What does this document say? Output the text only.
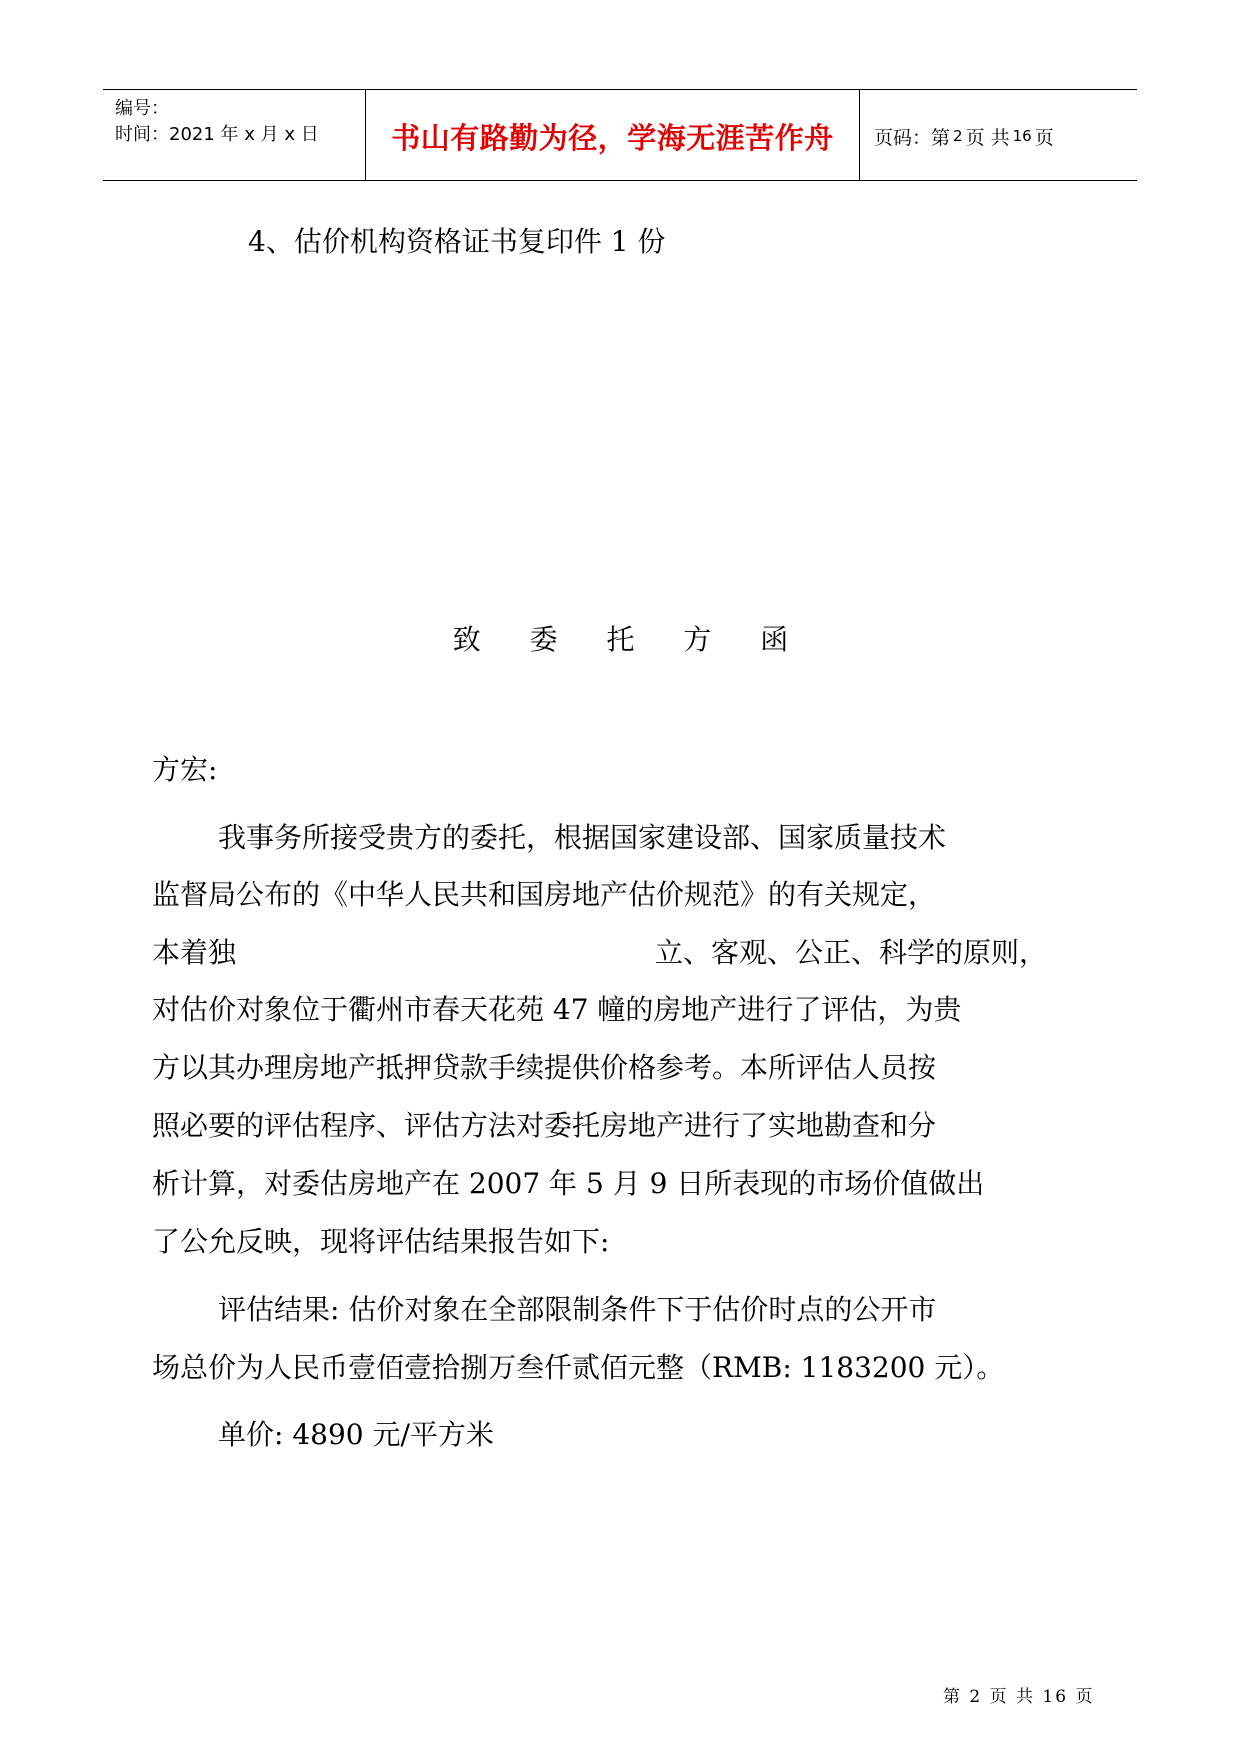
编号：
时间：2021 年 x 月 x 日	书山有路勤为径，学海无涯苦作舟 页码：第 2 页 共 16 页
4、估价机构资格证书复印件 1 份
致 委 托 方 函
方宏:
我事务所接受贵方的委托，根据国家建设部、国家质量技术
监督局公布的《中华人民共和国房地产估价规范》的有关规定，
本着独	立、客观、公正、科学的原则，
对估价对象位于衢州市春天花苑 47 幢的房地产进行了评估，为贵
方以其办理房地产抵押贷款手续提供价格参考。本所评估人员按
照必要的评估程序、评估方法对委托房地产进行了实地勘查和分
析计算，对委估房地产在 2007 年 5 月 9 日所表现的市场价值做出
了公允反映，现将评估结果报告如下:
评估结果: 估价对象在全部限制条件下于估价时点的公开市
场总价为人民币壹佰壹拾捌万叁仟贰佰元整（RMB: 1183200 元）。
单价: 4890 元/平方米
第 2 页 共 16 页
